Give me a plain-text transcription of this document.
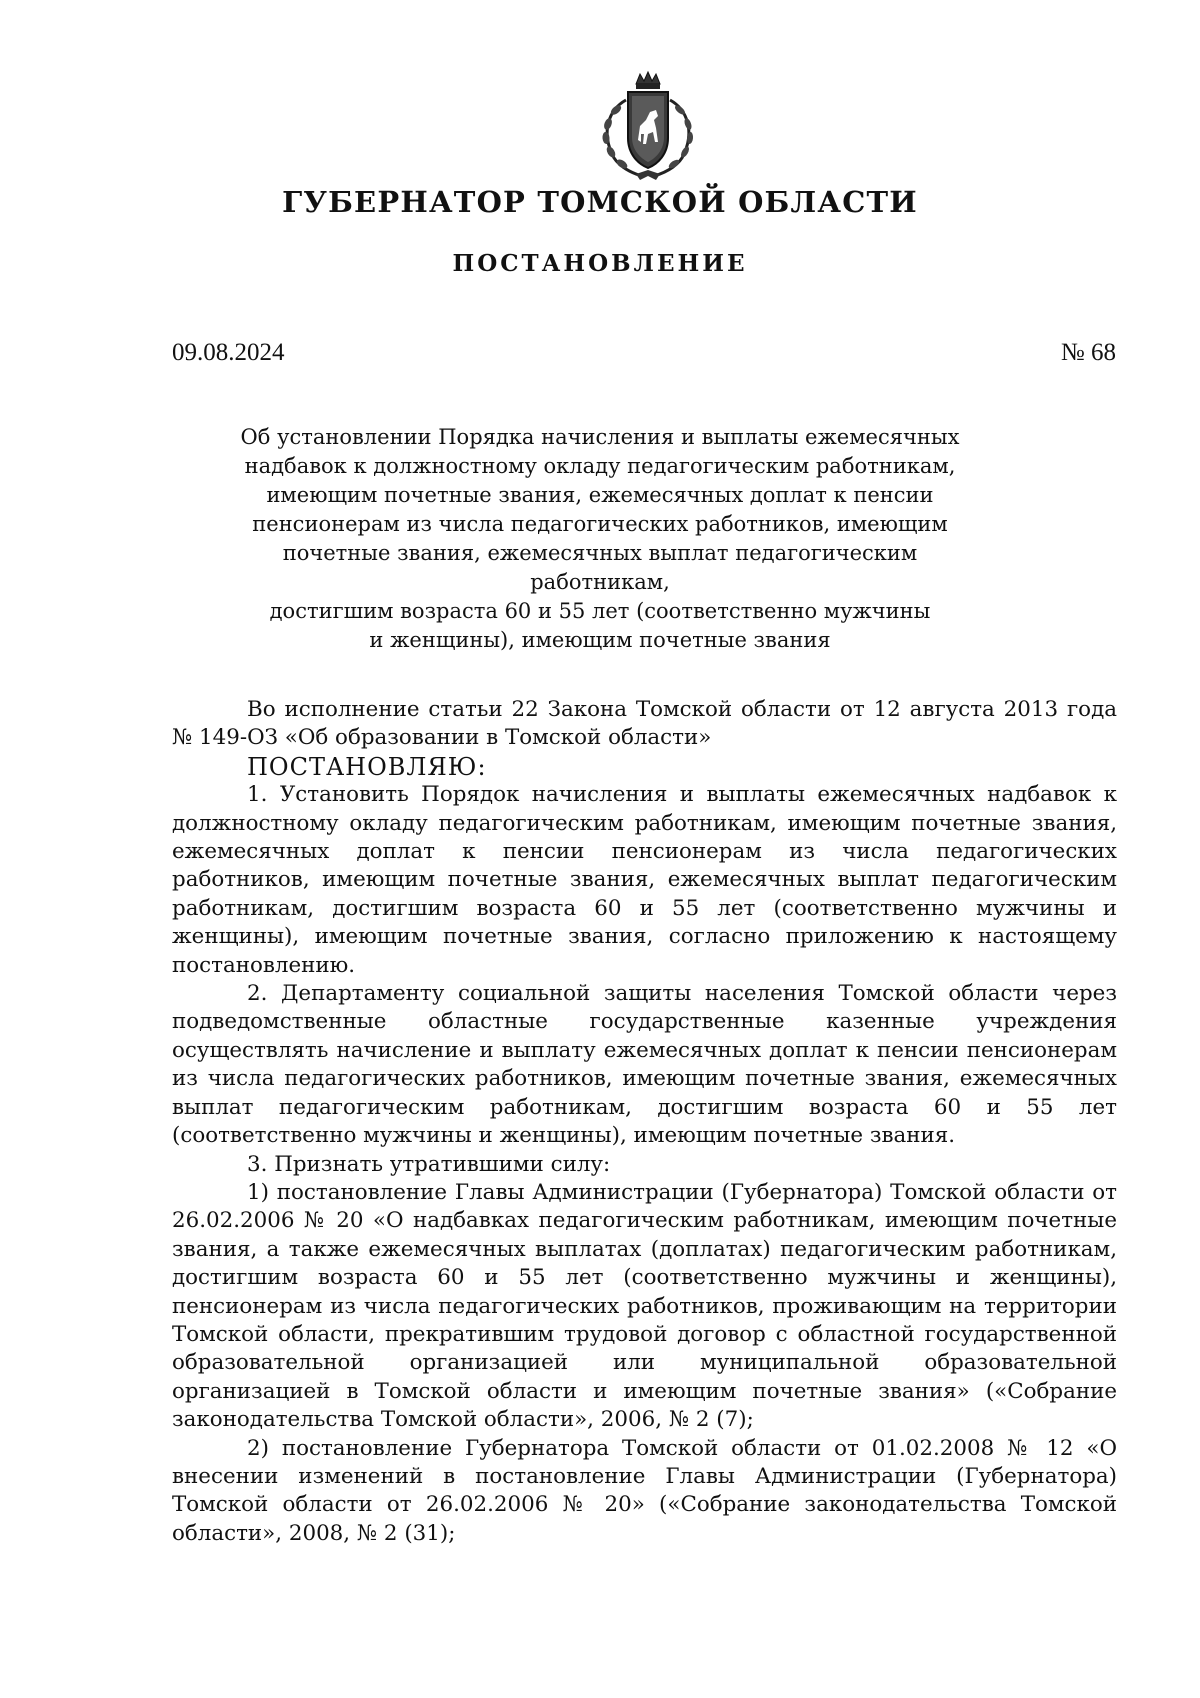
ГУБЕРНАТОР ТОМСКОЙ ОБЛАСТИ
ПОСТАНОВЛЕНИЕ
09.08.2024	№ 68
Об установлении Порядка начисления и выплаты ежемесячных
надбавок к должностному окладу педагогическим работникам,
имеющим почетные звания, ежемесячных доплат к пенсии
пенсионерам из числа педагогических работников, имеющим
почетные звания, ежемесячных выплат педагогическим работникам,
достигшим возраста 60 и 55 лет (соответственно мужчины
и женщины), имеющим почетные звания

Во исполнение статьи 22 Закона Томской области от 12 августа 2013 года № 149-ОЗ «Об образовании в Томской области»

ПОСТАНОВЛЯЮ:

1. Установить Порядок начисления и выплаты ежемесячных надбавок к должностному окладу педагогическим работникам, имеющим почетные звания, ежемесячных доплат к пенсии пенсионерам из числа педагогических работников, имеющим почетные звания, ежемесячных выплат педагогическим работникам, достигшим возраста 60 и 55 лет (соответственно мужчины и женщины), имеющим почетные звания, согласно приложению к настоящему постановлению.

2. Департаменту социальной защиты населения Томской области через подведомственные областные государственные казенные учреждения осуществлять начисление и выплату ежемесячных доплат к пенсии пенсионерам из числа педагогических работников, имеющим почетные звания, ежемесячных выплат педагогическим работникам, достигшим возраста 60 и 55 лет (соответственно мужчины и женщины), имеющим почетные звания.

3. Признать утратившими силу:

1) постановление Главы Администрации (Губернатора) Томской области от 26.02.2006 № 20 «О надбавках педагогическим работникам, имеющим почетные звания, а также ежемесячных выплатах (доплатах) педагогическим работникам, достигшим возраста 60 и 55 лет (соответственно мужчины и женщины), пенсионерам из числа педагогических работников, проживающим на территории Томской области, прекратившим трудовой договор с областной государственной образовательной организацией или муниципальной образовательной организацией в Томской области и имеющим почетные звания» («Собрание законодательства Томской области», 2006, № 2 (7);

2) постановление Губернатора Томской области от 01.02.2008 № 12 «О внесении изменений в постановление Главы Администрации (Губернатора) Томской области от 26.02.2006 № 20» («Собрание законодательства Томской области», 2008, № 2 (31);
